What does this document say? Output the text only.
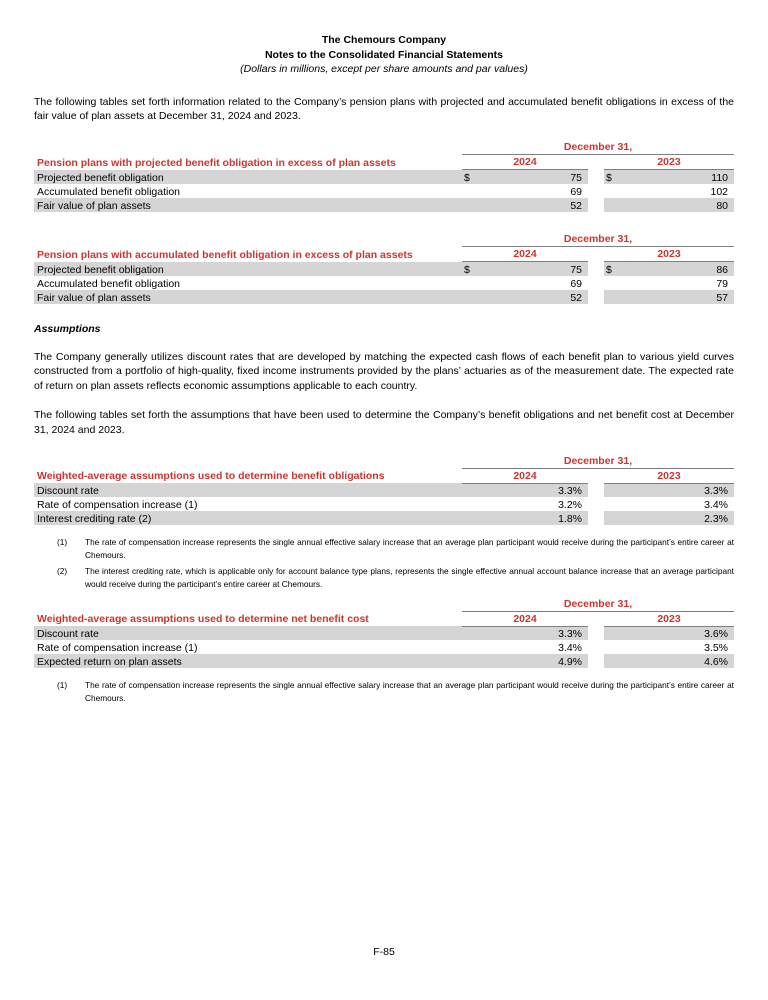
The Chemours Company
Notes to the Consolidated Financial Statements
(Dollars in millions, except per share amounts and par values)

The following tables set forth information related to the Company’s pension plans with projected and accumulated benefit obligations in excess of the fair value of plan assets at December 31, 2024 and 2023.

	December 31,				
Pension plans with projected benefit obligation in excess of plan assets	2024			2023	
Projected benefit obligation	$	75		$	110
Accumulated benefit obligation		69			102
Fair value of plan assets		52			80
	December 31,				
Pension plans with accumulated benefit obligation in excess of plan assets	2024			2023	
Projected benefit obligation	$	75		$	86
Accumulated benefit obligation		69			79
Fair value of plan assets		52			57
Assumptions

The Company generally utilizes discount rates that are developed by matching the expected cash flows of each benefit plan to various yield curves constructed from a portfolio of high-quality, fixed income instruments provided by the plans’ actuaries as of the measurement date. The expected rate of return on plan assets reflects economic assumptions applicable to each country.

The following tables set forth the assumptions that have been used to determine the Company’s benefit obligations and net benefit cost at December 31, 2024 and 2023.

	December 31,				
Weighted-average assumptions used to determine benefit obligations	2024			2023	
Discount rate		3.3%			3.3%
Rate of compensation increase (1)		3.2%			3.4%
Interest crediting rate (2)		1.8%			2.3%
(1)	The rate of compensation increase represents the single annual effective salary increase that an average plan participant would receive during the participant’s entire career at Chemours.
(2)	The interest crediting rate, which is applicable only for account balance type plans, represents the single effective annual account balance increase that an average participant would receive during the participant’s entire career at Chemours.
	December 31,				
Weighted-average assumptions used to determine net benefit cost	2024			2023	
Discount rate		3.3%			3.6%
Rate of compensation increase (1)		3.4%			3.5%
Expected return on plan assets		4.9%			4.6%
(1)	The rate of compensation increase represents the single annual effective salary increase that an average plan participant would receive during the participant’s entire career at Chemours.
F-85
